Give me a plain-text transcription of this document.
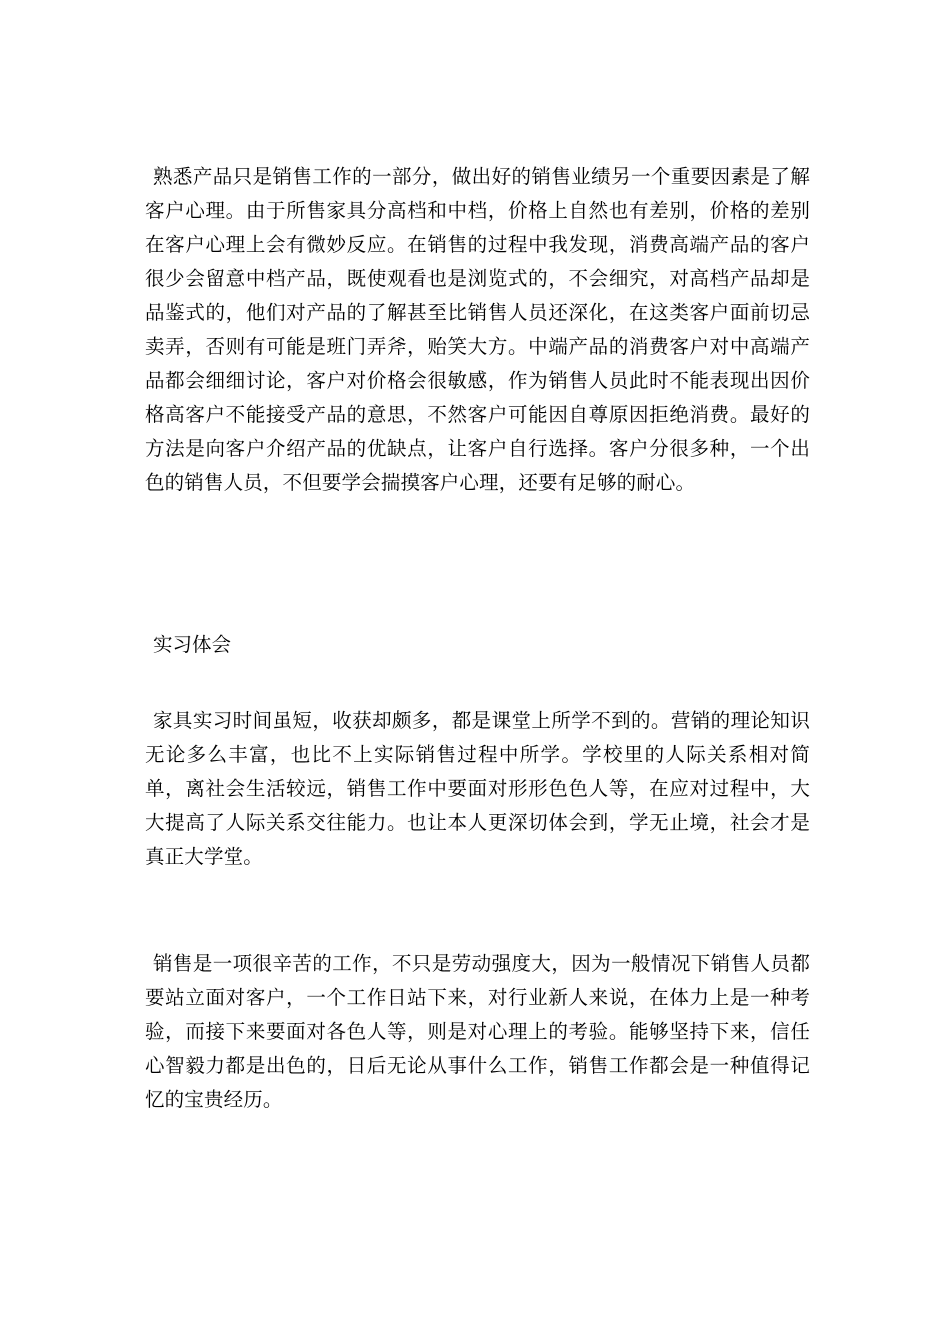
熟悉产品只是销售工作的一部分，做出好的销售业绩另一个重要因素是了解客户心理。由于所售家具分高档和中档，价格上自然也有差别，价格的差别在客户心理上会有微妙反应。在销售的过程中我发现，消费高端产品的客户很少会留意中档产品，既使观看也是浏览式的，不会细究，对高档产品却是品鉴式的，他们对产品的了解甚至比销售人员还深化，在这类客户面前切忌卖弄，否则有可能是班门弄斧，贻笑大方。中端产品的消费客户对中高端产品都会细细讨论，客户对价格会很敏感，作为销售人员此时不能表现出因价格高客户不能接受产品的意思，不然客户可能因自尊原因拒绝消费。最好的方法是向客户介绍产品的优缺点，让客户自行选择。客户分很多种，一个出色的销售人员，不但要学会揣摸客户心理，还要有足够的耐心。

实习体会

家具实习时间虽短，收获却颇多，都是课堂上所学不到的。营销的理论知识无论多么丰富，也比不上实际销售过程中所学。学校里的人际关系相对简单，离社会生活较远，销售工作中要面对形形色色人等，在应对过程中，大大提高了人际关系交往能力。也让本人更深切体会到，学无止境，社会才是真正大学堂。

销售是一项很辛苦的工作，不只是劳动强度大，因为一般情况下销售人员都要站立面对客户，一个工作日站下来，对行业新人来说，在体力上是一种考验，而接下来要面对各色人等，则是对心理上的考验。能够坚持下来，信任心智毅力都是出色的，日后无论从事什么工作，销售工作都会是一种值得记忆的宝贵经历。
